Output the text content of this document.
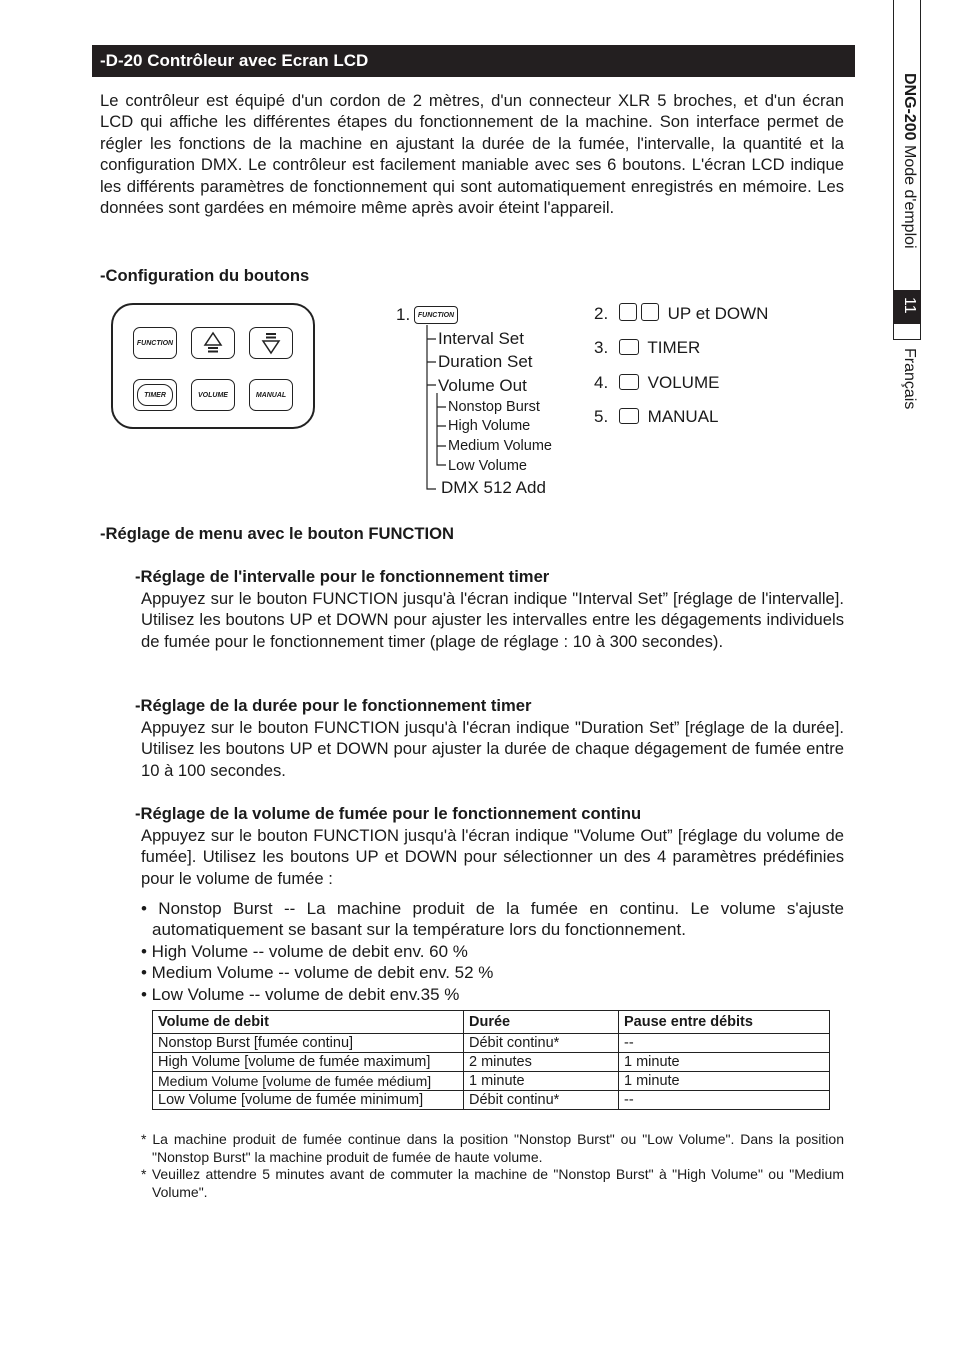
-D-20 Contrôleur avec Ecran LCD
Le contrôleur est équipé d'un cordon de 2 mètres, d'un connecteur XLR 5 broches, et d'un écran LCD qui affiche les différentes étapes du fonctionnement de la machine. Son interface permet de régler les fonctions de la machine en ajustant la durée de la fumée, l'intervalle, la quantité et la configuration DMX. Le contrôleur est facilement maniable avec ses 6 boutons. L'écran LCD indique les différents paramètres de fonctionnement qui sont automatiquement enregistrés en mémoire. Les données sont gardées en mémoire même après avoir éteint l'appareil.
-Configuration du boutons
FUNCTION
TIMER	VOLUME	MANUAL
1. FUNCTION
Interval Set
Duration Set
Volume Out
Nonstop Burst
High Volume
Medium Volume
Low Volume
DMX 512 Add
2.	UP et DOWN
3. TIMER
4. VOLUME
5. MANUAL
-Réglage de menu avec le bouton FUNCTION
-Réglage de l'intervalle pour le fonctionnement timer
Appuyez sur le bouton FUNCTION jusqu'à l'écran indique "Interval Set” [réglage de l'intervalle]. Utilisez les boutons UP et DOWN pour ajuster les intervalles entre les dégagements individuels de fumée pour le fonctionnement timer (plage de réglage : 10 à 300 secondes).
-Réglage de la durée pour le fonctionnement timer
Appuyez sur le bouton FUNCTION jusqu'à l'écran indique "Duration Set” [réglage de la durée]. Utilisez les boutons UP et DOWN pour ajuster la durée de chaque dégagement de fumée entre 10 à 100 secondes.
-Réglage de la volume de fumée pour le fonctionnement continu
Appuyez sur le bouton FUNCTION jusqu'à l'écran indique "Volume Out” [réglage du volume de fumée]. Utilisez les boutons UP et DOWN pour sélectionner un des 4 paramètres prédéfinies pour le volume de fumée :
• Nonstop Burst -- La machine produit de la fumée en continu. Le volume s'ajuste automatiquement se basant sur la température lors du fonctionnement.
• High Volume -- volume de debit env. 60 %
• Medium Volume -- volume de debit env. 52 %
• Low Volume -- volume de debit env.35 %
Volume de debit	Durée	Pause entre débits
Nonstop Burst [fumée continu]	Débit continu*	--
High Volume [volume de fumée maximum]	2 minutes	1 minute
Medium Volume [volume de fumée médium]	1 minute	1 minute
Low Volume [volume de fumée minimum]	Débit continu*	--
* La machine produit de fumée continue dans la position "Nonstop Burst" ou "Low Volume". Dans la position "Nonstop Burst" la machine produit de fumée de haute volume.
* Veuillez attendre 5 minutes avant de commuter la machine de "Nonstop Burst" à "High Volume" ou "Medium Volume".
DNG-200 Mode d'emploi
11
Français
